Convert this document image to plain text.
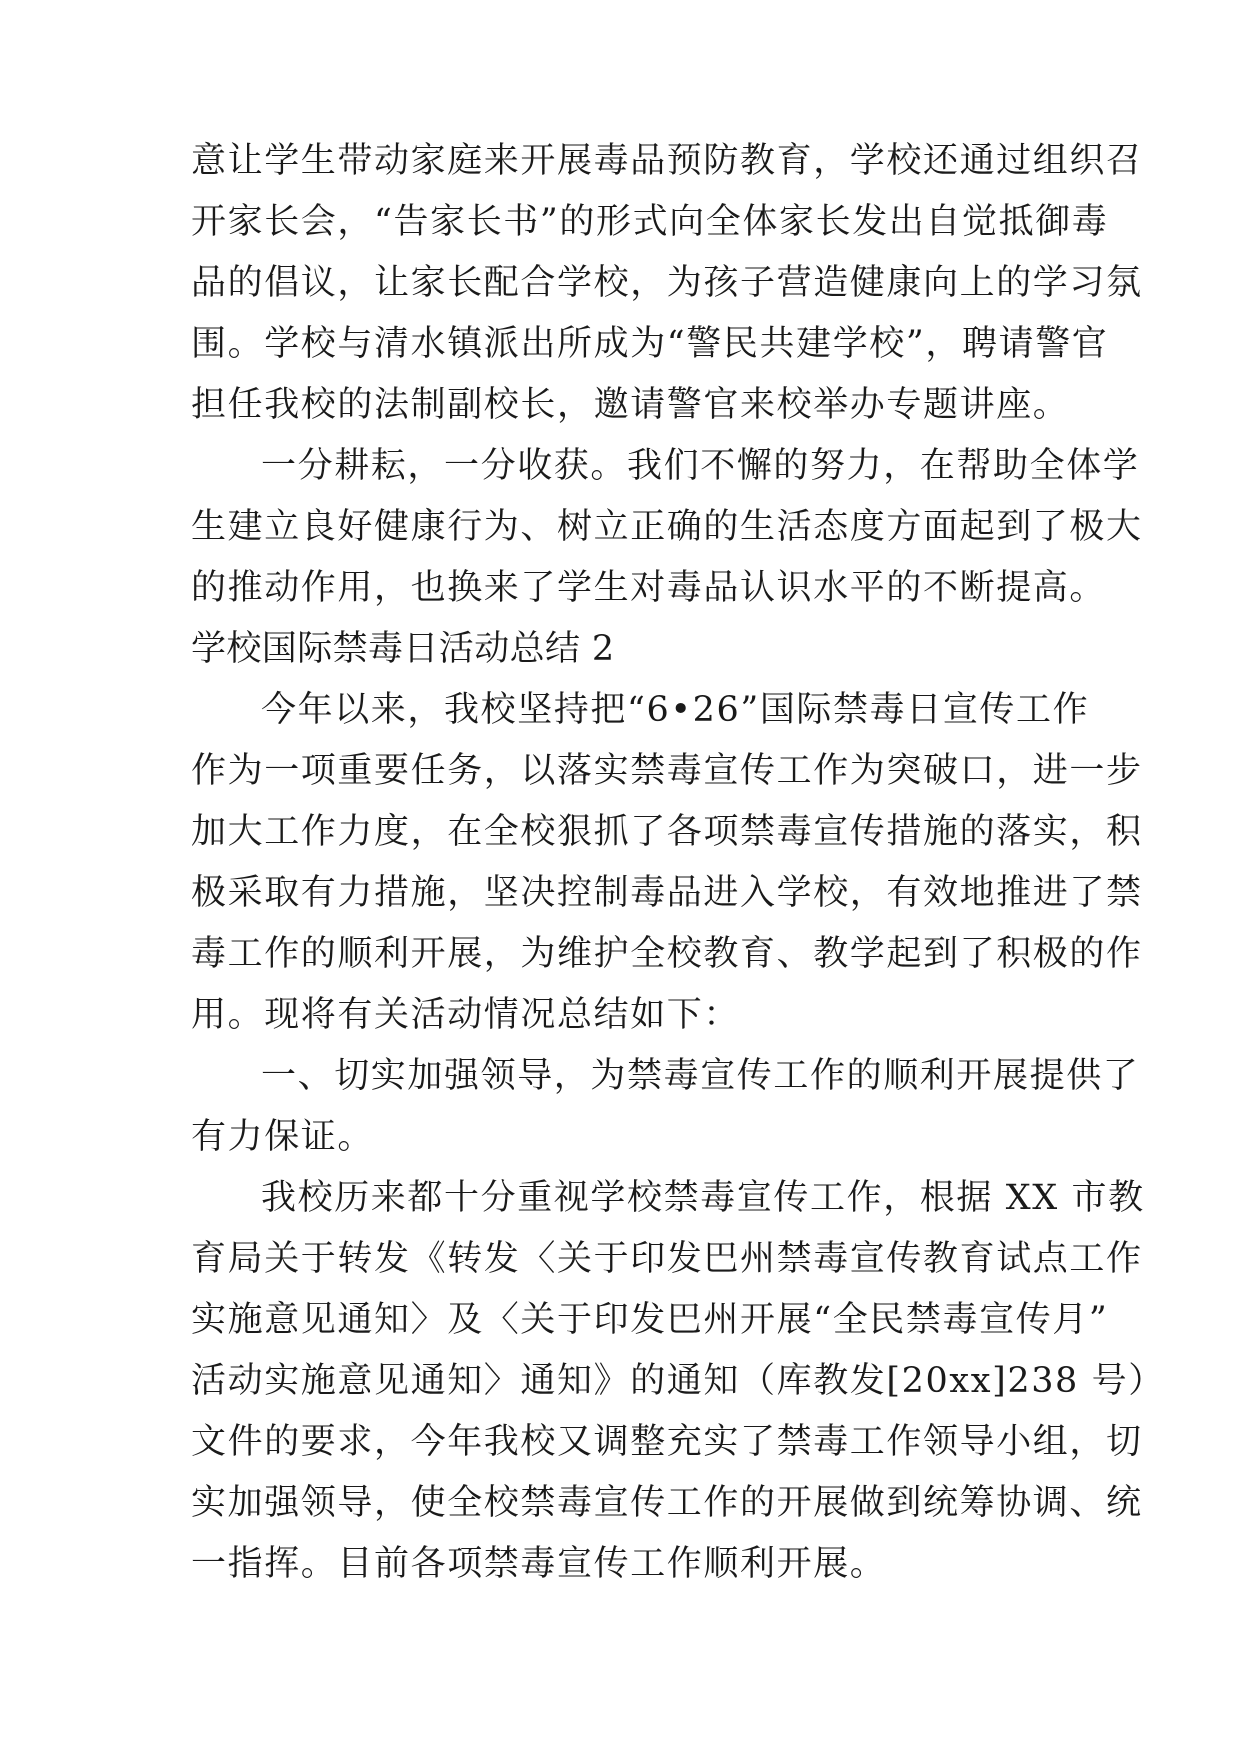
意让学生带动家庭来开展毒品预防教育，学校还通过组织召
开家长会，“告家长书”的形式向全体家长发出自觉抵御毒
品的倡议，让家长配合学校，为孩子营造健康向上的学习氛
围。学校与清水镇派出所成为“警民共建学校”，聘请警官
担任我校的法制副校长，邀请警官来校举办专题讲座。
一分耕耘，一分收获。我们不懈的努力，在帮助全体学
生建立良好健康行为、树立正确的生活态度方面起到了极大
的推动作用，也换来了学生对毒品认识水平的不断提高。
学校国际禁毒日活动总结 2
今年以来，我校坚持把“6•26”国际禁毒日宣传工作
作为一项重要任务，以落实禁毒宣传工作为突破口，进一步
加大工作力度，在全校狠抓了各项禁毒宣传措施的落实，积
极采取有力措施，坚决控制毒品进入学校，有效地推进了禁
毒工作的顺利开展，为维护全校教育、教学起到了积极的作
用。现将有关活动情况总结如下：
一、切实加强领导，为禁毒宣传工作的顺利开展提供了
有力保证。
我校历来都十分重视学校禁毒宣传工作，根据 XX 市教
育局关于转发《转发〈关于印发巴州禁毒宣传教育试点工作
实施意见通知〉及〈关于印发巴州开展“全民禁毒宣传月”
活动实施意见通知〉通知》的通知（库教发[20xx]238 号）
文件的要求，今年我校又调整充实了禁毒工作领导小组，切
实加强领导，使全校禁毒宣传工作的开展做到统筹协调、统
一指挥。目前各项禁毒宣传工作顺利开展。
